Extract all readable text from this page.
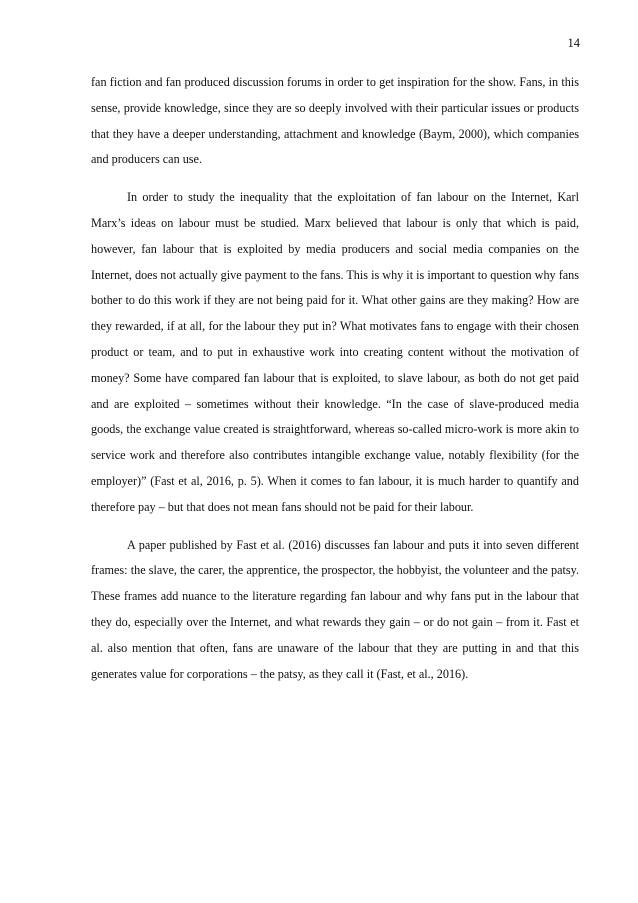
14

fan fiction and fan produced discussion forums in order to get inspiration for the show. Fans, in this sense, provide knowledge, since they are so deeply involved with their particular issues or products that they have a deeper understanding, attachment and knowledge (Baym, 2000), which companies and producers can use.

In order to study the inequality that the exploitation of fan labour on the Internet, Karl Marx’s ideas on labour must be studied. Marx believed that labour is only that which is paid, however, fan labour that is exploited by media producers and social media companies on the Internet, does not actually give payment to the fans. This is why it is important to question why fans bother to do this work if they are not being paid for it. What other gains are they making? How are they rewarded, if at all, for the labour they put in? What motivates fans to engage with their chosen product or team, and to put in exhaustive work into creating content without the motivation of money? Some have compared fan labour that is exploited, to slave labour, as both do not get paid and are exploited – sometimes without their knowledge. “In the case of slave-produced media goods, the exchange value created is straightforward, whereas so-called micro-work is more akin to service work and therefore also contributes intangible exchange value, notably flexibility (for the employer)” (Fast et al, 2016, p. 5). When it comes to fan labour, it is much harder to quantify and therefore pay – but that does not mean fans should not be paid for their labour.

A paper published by Fast et al. (2016) discusses fan labour and puts it into seven different frames: the slave, the carer, the apprentice, the prospector, the hobbyist, the volunteer and the patsy. These frames add nuance to the literature regarding fan labour and why fans put in the labour that they do, especially over the Internet, and what rewards they gain – or do not gain – from it. Fast et al. also mention that often, fans are unaware of the labour that they are putting in and that this generates value for corporations – the patsy, as they call it (Fast, et al., 2016).
